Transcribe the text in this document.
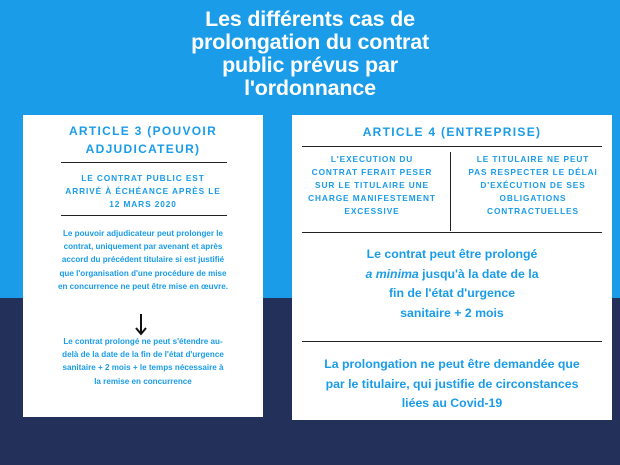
Les différents cas de
prolongation du contrat
public prévus par
l'ordonnance
ARTICLE 3 (POUVOIR
ADJUDICATEUR)
LE CONTRAT PUBLIC EST
ARRIVÉ À ÉCHÉANCE APRÈS LE
12 MARS 2020
Le pouvoir adjudicateur peut prolonger le
contrat, uniquement par avenant et après
accord du précédent titulaire si est justifié
que l'organisation d'une procédure de mise
en concurrence ne peut être mise en œuvre.
Le contrat prolongé ne peut s'étendre au-
delà de la date de la fin de l'état d'urgence
sanitaire + 2 mois + le temps nécessaire à
la remise en concurrence
ARTICLE 4 (ENTREPRISE)
L'EXECUTION DU
CONTRAT FERAIT PESER
SUR LE TITULAIRE UNE
CHARGE MANIFESTEMENT
EXCESSIVE
LE TITULAIRE NE PEUT
PAS RESPECTER LE DÉLAI
D'EXÉCUTION DE SES
OBLIGATIONS
CONTRACTUELLES
Le contrat peut être prolongé
a minima jusqu'à la date de la
fin de l'état d'urgence
sanitaire + 2 mois
La prolongation ne peut être demandée que
par le titulaire, qui justifie de circonstances
liées au Covid-19
